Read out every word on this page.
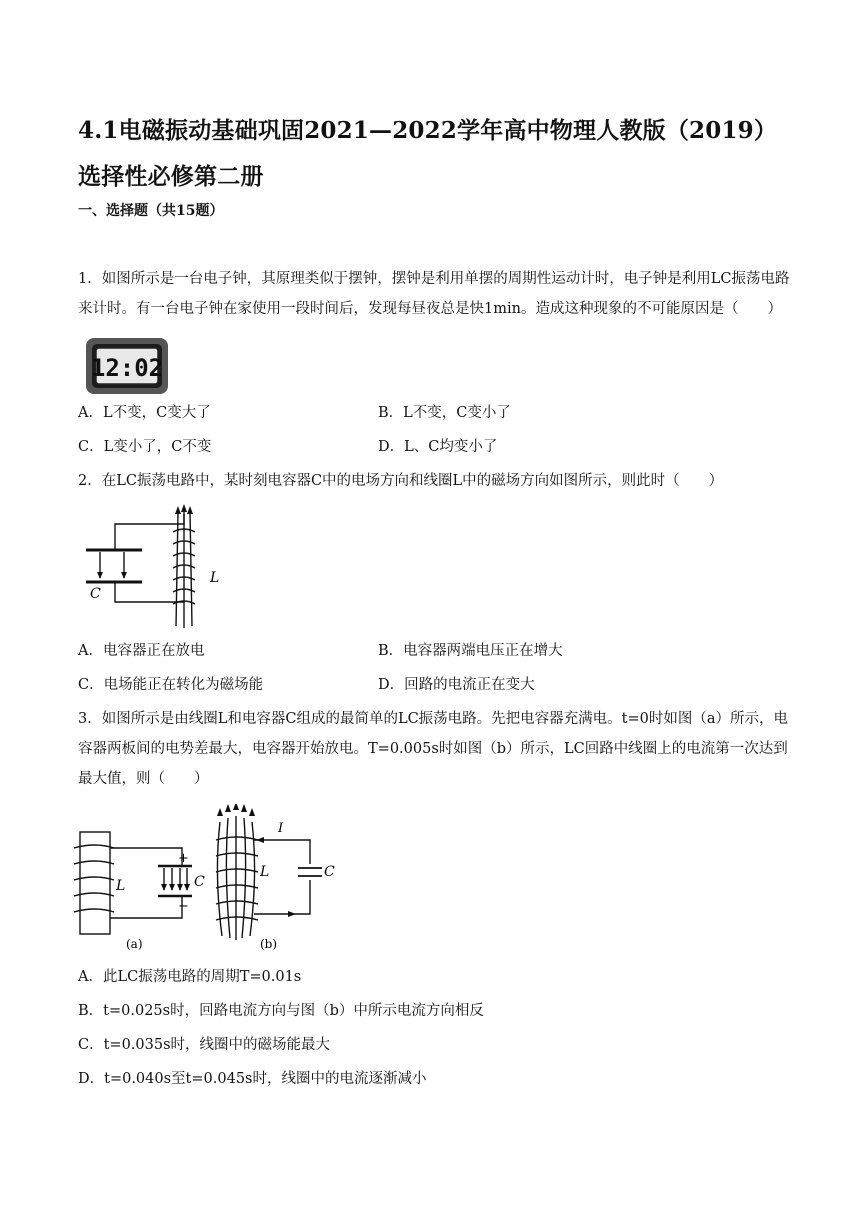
4.1电磁振动基础巩固2021—2022学年高中物理人教版（2019）选择性必修第二册
一、选择题（共15题）
1．如图所示是一台电子钟，其原理类似于摆钟，摆钟是利用单摆的周期性运动计时，电子钟是利用LC振荡电路来计时。有一台电子钟在家使用一段时间后，发现每昼夜总是快1min。造成这种现象的不可能原因是（　　）
12:02
A．L不变，C变大了	B．L不变，C变小了
C．L变小了，C不变	D．L、C均变小了
2．在LC振荡电路中，某时刻电容器C中的电场方向和线圈L中的磁场方向如图所示，则此时（　　）
C
L
A．电容器正在放电	B．电容器两端电压正在增大
C．电场能正在转化为磁场能	D．回路的电流正在变大
3．如图所示是由线圈L和电容器C组成的最简单的LC振荡电路。先把电容器充满电。t=0时如图（a）所示，电容器两板间的电势差最大，电容器开始放电。T=0.005s时如图（b）所示，LC回路中线圈上的电流第一次达到最大值，则（　　）
+
−
L	C
L	C
I
(a)	(b)
A．此LC振荡电路的周期T=0.01s
B．t=0.025s时，回路电流方向与图（b）中所示电流方向相反
C．t=0.035s时，线圈中的磁场能最大
D．t=0.040s至t=0.045s时，线圈中的电流逐渐减小
